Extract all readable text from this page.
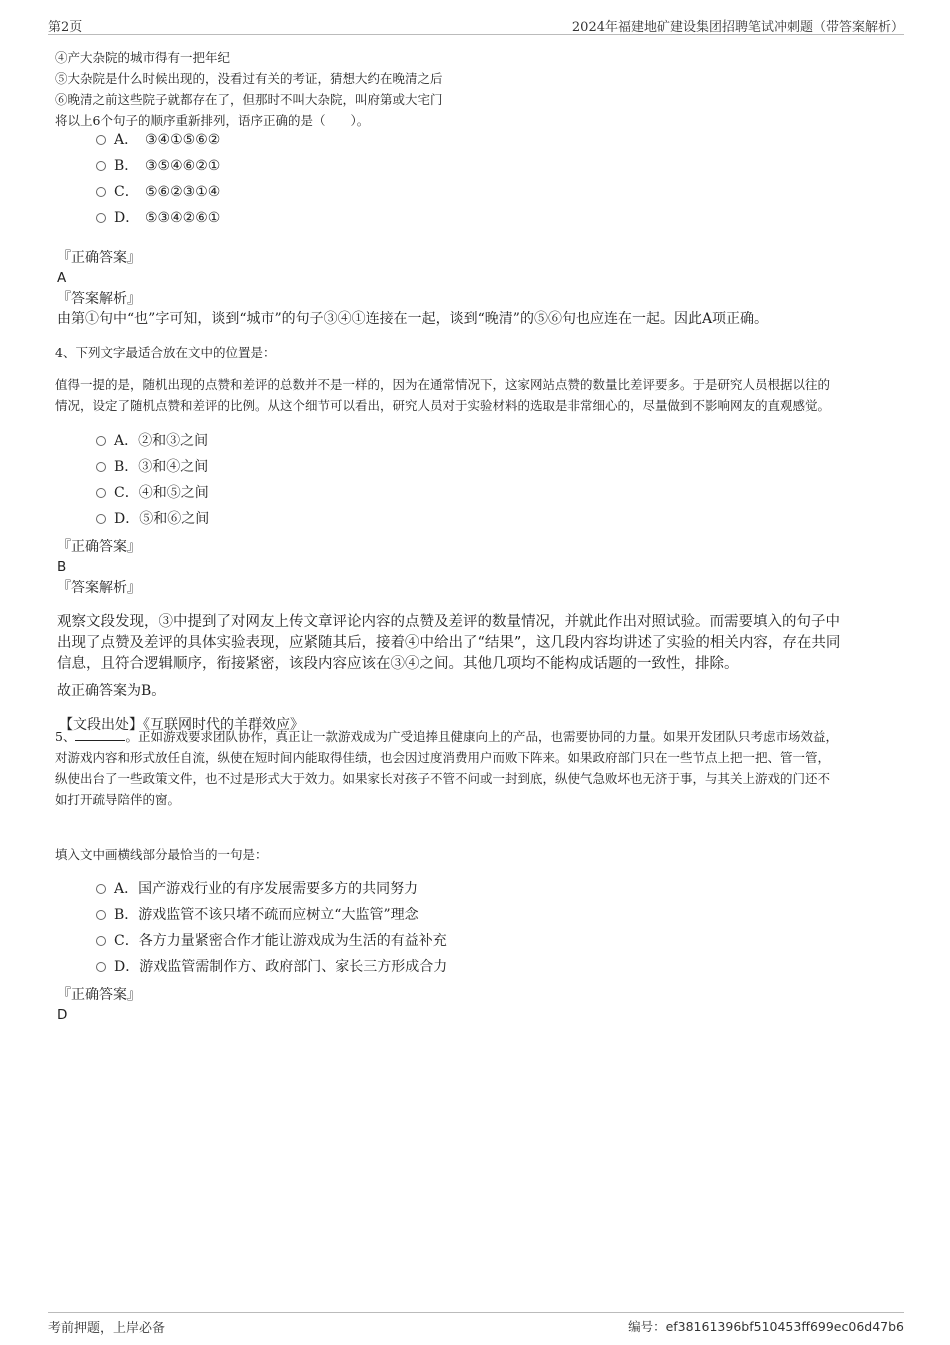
第2页	2024年福建地矿建设集团招聘笔试冲刺题（带答案解析）
④产大杂院的城市得有一把年纪
⑤大杂院是什么时候出现的，没看过有关的考证，猜想大约在晚清之后
⑥晚清之前这些院子就都存在了，但那时不叫大杂院，叫府第或大宅门
将以上6个句子的顺序重新排列，语序正确的是（　　）。
A． ③④①⑤⑥②
B． ③⑤④⑥②①
C． ⑤⑥②③①④
D． ⑤③④②⑥①
『正确答案』
A
『答案解析』
由第①句中“也”字可知，谈到“城市”的句子③④①连接在一起，谈到“晚清”的⑤⑥句也应连在一起。因此A项正确。
4、下列文字最适合放在文中的位置是：
值得一提的是，随机出现的点赞和差评的总数并不是一样的，因为在通常情况下，这家网站点赞的数量比差评要多。于是研究人员根据以往的
情况，设定了随机点赞和差评的比例。从这个细节可以看出，研究人员对于实验材料的选取是非常细心的，尽量做到不影响网友的直观感觉。
A．②和③之间
B．③和④之间
C．④和⑤之间
D．⑤和⑥之间
『正确答案』
B
『答案解析』
观察文段发现，③中提到了对网友上传文章评论内容的点赞及差评的数量情况，并就此作出对照试验。而需要填入的句子中
出现了点赞及差评的具体实验表现，应紧随其后，接着④中给出了“结果”，这几段内容均讲述了实验的相关内容，存在共同
信息，且符合逻辑顺序，衔接紧密，该段内容应该在③④之间。其他几项均不能构成话题的一致性，排除。
故正确答案为B。
【文段出处】《互联网时代的羊群效应》
5、	。正如游戏要求团队协作，真正让一款游戏成为广受追捧且健康向上的产品，也需要协同的力量。如果开发团队只考虑市场效益，
对游戏内容和形式放任自流，纵使在短时间内能取得佳绩，也会因过度消费用户而败下阵来。如果政府部门只在一些节点上把一把、管一管，
纵使出台了一些政策文件，也不过是形式大于效力。如果家长对孩子不管不问或一封到底，纵使气急败坏也无济于事，与其关上游戏的门还不
如打开疏导陪伴的窗。
填入文中画横线部分最恰当的一句是：
A．国产游戏行业的有序发展需要多方的共同努力
B．游戏监管不该只堵不疏而应树立“大监管”理念
C．各方力量紧密合作才能让游戏成为生活的有益补充
D．游戏监管需制作方、政府部门、家长三方形成合力
『正确答案』
D
考前押题，上岸必备	编号：ef38161396bf510453ff699ec06d47b6
